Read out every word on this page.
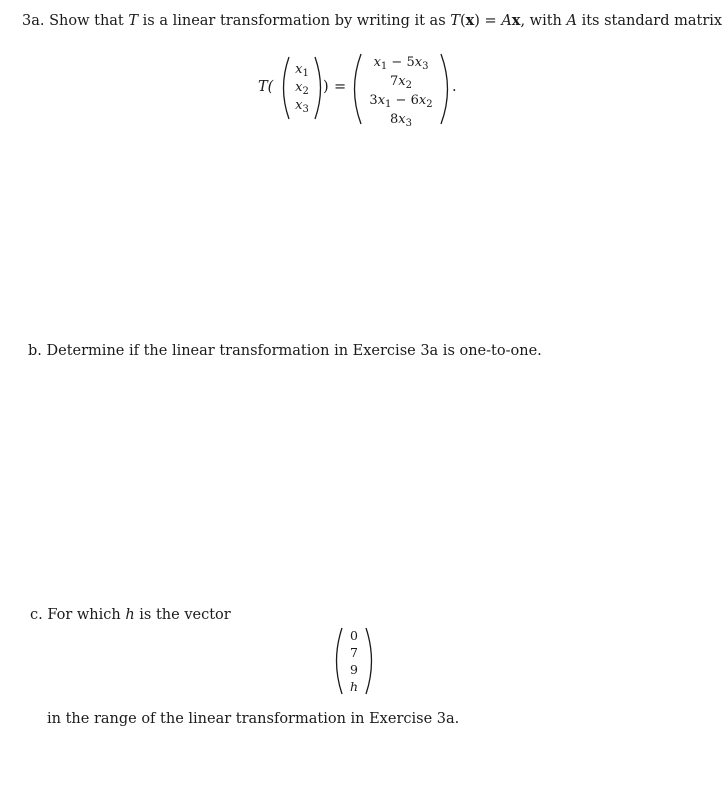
3a. Show that T is a linear transformation by writing it as T(x) = Ax, with A its standard matrix
T(
$x_1$
$x_2$
$x_3$
) =
$x_1 - 5x_3$
$7x_2$
$3x_1 - 6x_2$
$8x_3$
.
b. Determine if the linear transformation in Exercise 3a is one-to-one.
c. For which h is the vector
0
7
9
h
in the range of the linear transformation in Exercise 3a.
